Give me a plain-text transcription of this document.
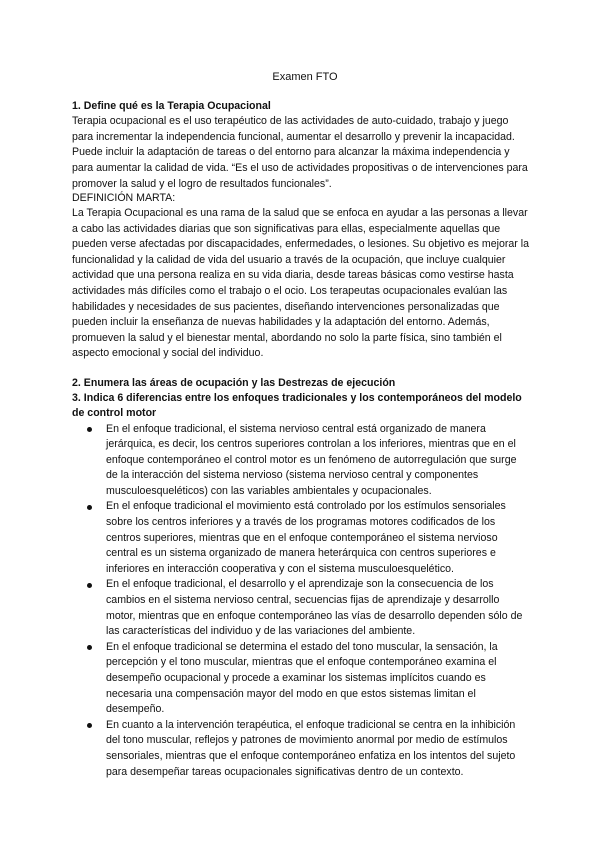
Examen FTO
1. Define qué es la Terapia Ocupacional

Terapia ocupacional es el uso terapéutico de las actividades de auto-cuidado, trabajo y juego para incrementar la independencia funcional, aumentar el desarrollo y prevenir la incapacidad. Puede incluir la adaptación de tareas o del entorno para alcanzar la máxima independencia y para aumentar la calidad de vida. “Es el uso de actividades propositivas o de intervenciones para promover la salud y el logro de resultados funcionales”.

DEFINICIÓN MARTA:

La Terapia Ocupacional es una rama de la salud que se enfoca en ayudar a las personas a llevar a cabo las actividades diarias que son significativas para ellas, especialmente aquellas que pueden verse afectadas por discapacidades, enfermedades, o lesiones. Su objetivo es mejorar la funcionalidad y la calidad de vida del usuario a través de la ocupación, que incluye cualquier actividad que una persona realiza en su vida diaria, desde tareas básicas como vestirse hasta actividades más difíciles como el trabajo o el ocio. Los terapeutas ocupacionales evalúan las habilidades y necesidades de sus pacientes, diseñando intervenciones personalizadas que pueden incluir la enseñanza de nuevas habilidades y la adaptación del entorno. Además, promueven la salud y el bienestar mental, abordando no solo la parte física, sino también el aspecto emocional y social del individuo.

2. Enumera las áreas de ocupación y las Destrezas de ejecución
3. Indica 6 diferencias entre los enfoques tradicionales y los contemporáneos del modelo de control motor
En el enfoque tradicional, el sistema nervioso central está organizado de manera jerárquica, es decir, los centros superiores controlan a los inferiores, mientras que en el enfoque contemporáneo el control motor es un fenómeno de autorregulación que surge de la interacción del sistema nervioso (sistema nervioso central y componentes musculoesqueléticos) con las variables ambientales y ocupacionales.
En el enfoque tradicional el movimiento está controlado por los estímulos sensoriales sobre los centros inferiores y a través de los programas motores codificados de los centros superiores, mientras que en el enfoque contemporáneo el sistema nervioso central es un sistema organizado de manera heterárquica con centros superiores e inferiores en interacción cooperativa y con el sistema musculoesquelético.
En el enfoque tradicional, el desarrollo y el aprendizaje son la consecuencia de los cambios en el sistema nervioso central, secuencias fijas de aprendizaje y desarrollo motor, mientras que en enfoque contemporáneo las vías de desarrollo dependen sólo de las características del individuo y de las variaciones del ambiente.
En el enfoque tradicional se determina el estado del tono muscular, la sensación, la percepción y el tono muscular, mientras que el enfoque contemporáneo examina el desempeño ocupacional y procede a examinar los sistemas implícitos cuando es necesaria una compensación mayor del modo en que estos sistemas limitan el desempeño.
En cuanto a la intervención terapéutica, el enfoque tradicional se centra en la inhibición del tono muscular, reflejos y patrones de movimiento anormal por medio de estímulos sensoriales, mientras que el enfoque contemporáneo enfatiza en los intentos del sujeto para desempeñar tareas ocupacionales significativas dentro de un contexto.
